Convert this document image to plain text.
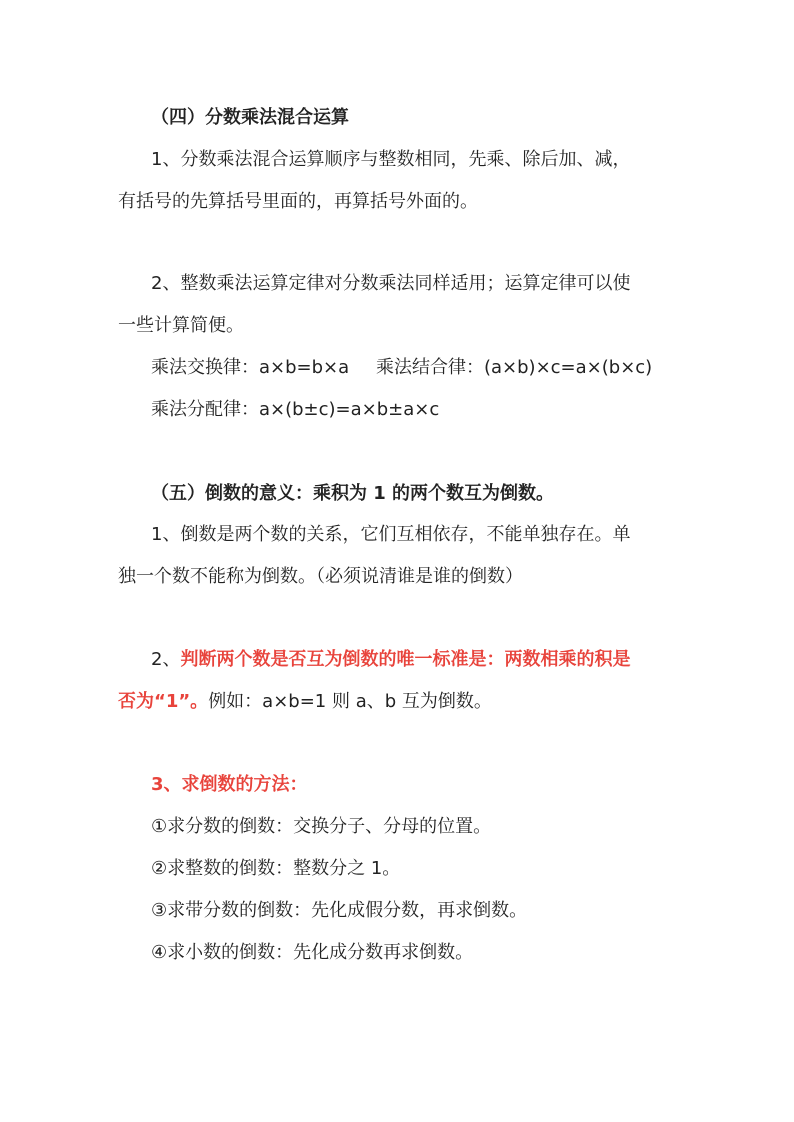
（四）分数乘法混合运算
1、分数乘法混合运算顺序与整数相同，先乘、除后加、减，
有括号的先算括号里面的，再算括号外面的。
2、整数乘法运算定律对分数乘法同样适用；运算定律可以使
一些计算简便。
乘法交换律：a×b=b×a 乘法结合律：(a×b)×c=a×(b×c)
乘法分配律：a×(b±c)=a×b±a×c
（五）倒数的意义：乘积为 1 的两个数互为倒数。
1、倒数是两个数的关系，它们互相依存，不能单独存在。单
独一个数不能称为倒数。（必须说清谁是谁的倒数）
2、判断两个数是否互为倒数的唯一标准是：两数相乘的积是
否为“1”。例如：a×b=1 则 a、b 互为倒数。
3、求倒数的方法：
①求分数的倒数：交换分子、分母的位置。
②求整数的倒数：整数分之 1。
③求带分数的倒数：先化成假分数，再求倒数。
④求小数的倒数：先化成分数再求倒数。
